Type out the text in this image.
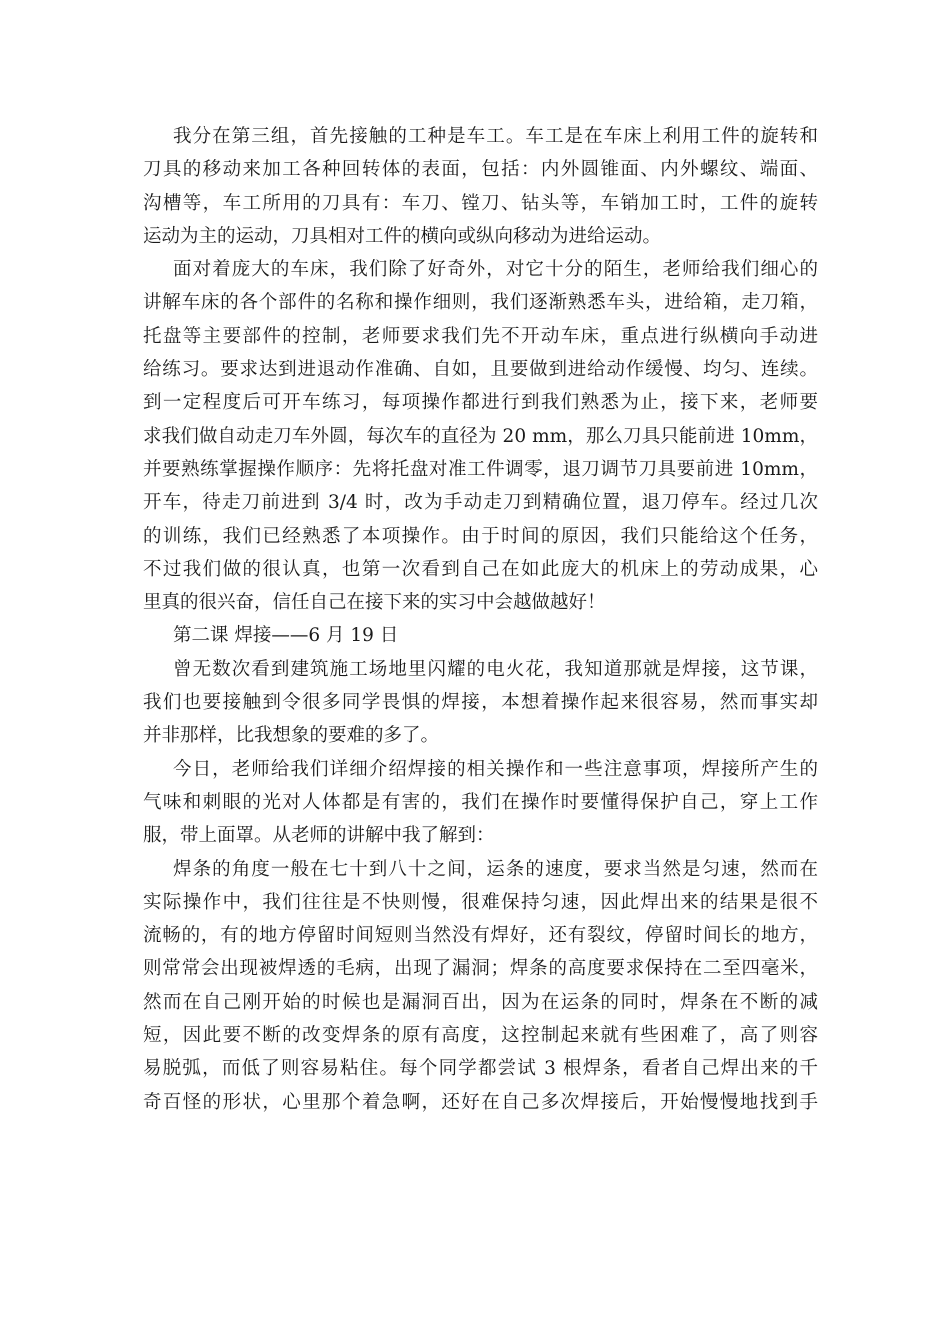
我分在第三组，首先接触的工种是车工。车工是在车床上利用工件的旋转和
刀具的移动来加工各种回转体的表面，包括：内外圆锥面、内外螺纹、端面、
沟槽等，车工所用的刀具有：车刀、镗刀、钻头等，车销加工时，工件的旋转
运动为主的运动，刀具相对工件的横向或纵向移动为进给运动。
面对着庞大的车床，我们除了好奇外，对它十分的陌生，老师给我们细心的
讲解车床的各个部件的名称和操作细则，我们逐渐熟悉车头，进给箱，走刀箱，
托盘等主要部件的控制，老师要求我们先不开动车床，重点进行纵横向手动进
给练习。要求达到进退动作准确、自如，且要做到进给动作缓慢、均匀、连续。
到一定程度后可开车练习，每项操作都进行到我们熟悉为止，接下来，老师要
求我们做自动走刀车外圆，每次车的直径为 20 mm，那么刀具只能前进 10mm，
并要熟练掌握操作顺序：先将托盘对准工件调零，退刀调节刀具要前进 10mm，
开车，待走刀前进到 3/4 时，改为手动走刀到精确位置，退刀停车。经过几次
的训练，我们已经熟悉了本项操作。由于时间的原因，我们只能给这个任务，
不过我们做的很认真，也第一次看到自己在如此庞大的机床上的劳动成果，心
里真的很兴奋，信任自己在接下来的实习中会越做越好！
第二课 焊接——6 月 19 日
曾无数次看到建筑施工场地里闪耀的电火花，我知道那就是焊接，这节课，
我们也要接触到令很多同学畏惧的焊接，本想着操作起来很容易，然而事实却
并非那样，比我想象的要难的多了。
今日，老师给我们详细介绍焊接的相关操作和一些注意事项，焊接所产生的
气味和刺眼的光对人体都是有害的，我们在操作时要懂得保护自己，穿上工作
服，带上面罩。从老师的讲解中我了解到：
焊条的角度一般在七十到八十之间，运条的速度，要求当然是匀速，然而在
实际操作中，我们往往是不快则慢，很难保持匀速，因此焊出来的结果是很不
流畅的，有的地方停留时间短则当然没有焊好，还有裂纹，停留时间长的地方，
则常常会出现被焊透的毛病，出现了漏洞；焊条的高度要求保持在二至四毫米，
然而在自己刚开始的时候也是漏洞百出，因为在运条的同时，焊条在不断的减
短，因此要不断的改变焊条的原有高度，这控制起来就有些困难了，高了则容
易脱弧，而低了则容易粘住。每个同学都尝试 3 根焊条，看者自己焊出来的千
奇百怪的形状，心里那个着急啊，还好在自己多次焊接后，开始慢慢地找到手
